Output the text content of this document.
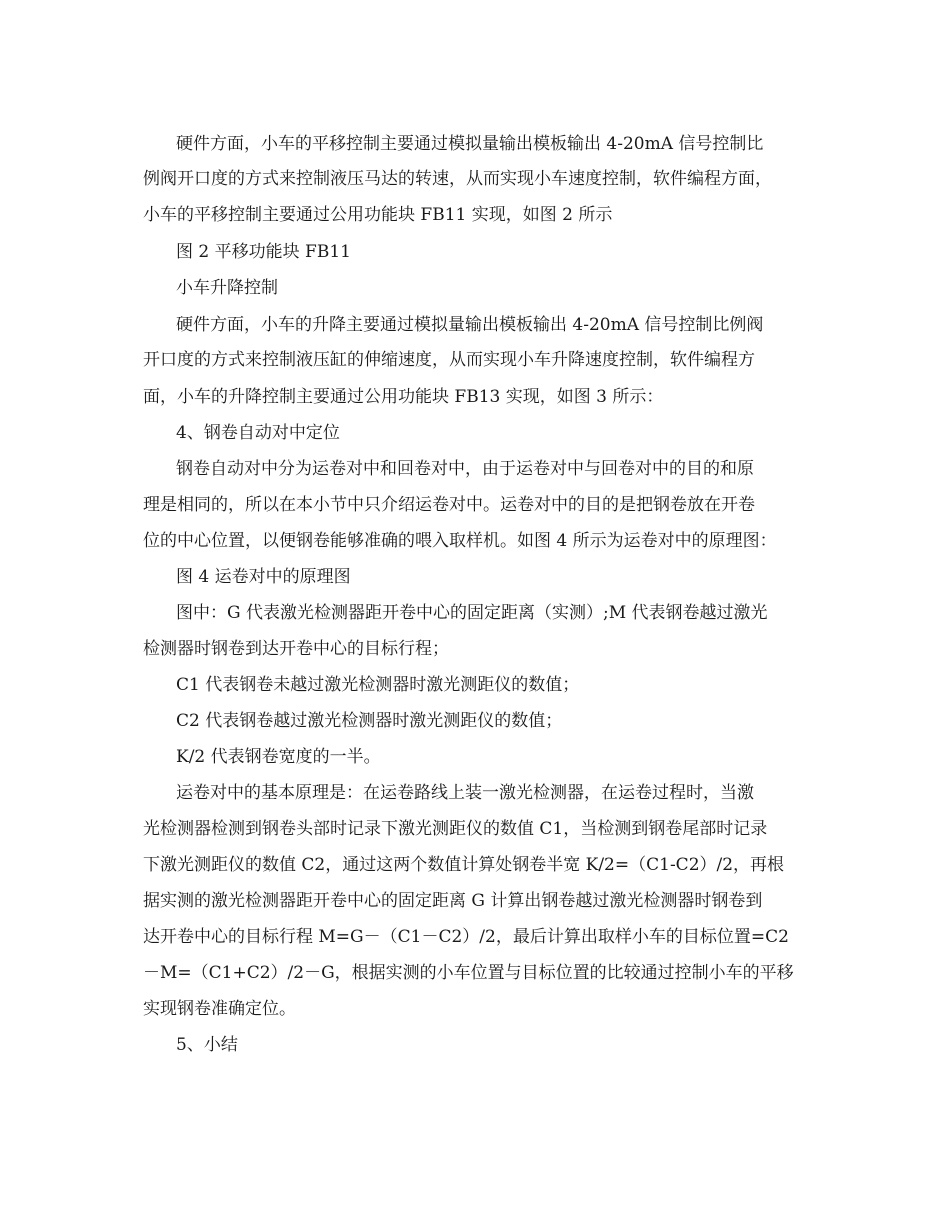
硬件方面，小车的平移控制主要通过模拟量输出模板输出 4-20mA 信号控制比
例阀开口度的方式来控制液压马达的转速，从而实现小车速度控制，软件编程方面，
小车的平移控制主要通过公用功能块 FB11 实现，如图 2 所示
图 2 平移功能块 FB11
小车升降控制
硬件方面，小车的升降主要通过模拟量输出模板输出 4-20mA 信号控制比例阀
开口度的方式来控制液压缸的伸缩速度，从而实现小车升降速度控制，软件编程方
面，小车的升降控制主要通过公用功能块 FB13 实现，如图 3 所示：
4、钢卷自动对中定位
钢卷自动对中分为运卷对中和回卷对中，由于运卷对中与回卷对中的目的和原
理是相同的，所以在本小节中只介绍运卷对中。运卷对中的目的是把钢卷放在开卷
位的中心位置，以便钢卷能够准确的喂入取样机。如图 4 所示为运卷对中的原理图：
图 4 运卷对中的原理图
图中：G 代表激光检测器距开卷中心的固定距离（实测）;M 代表钢卷越过激光
检测器时钢卷到达开卷中心的目标行程；
C1 代表钢卷未越过激光检测器时激光测距仪的数值；
C2 代表钢卷越过激光检测器时激光测距仪的数值；
K/2 代表钢卷宽度的一半。
运卷对中的基本原理是：在运卷路线上装一激光检测器，在运卷过程时，当激
光检测器检测到钢卷头部时记录下激光测距仪的数值 C1，当检测到钢卷尾部时记录
下激光测距仪的数值 C2，通过这两个数值计算处钢卷半宽 K/2=（C1-C2）/2，再根
据实测的激光检测器距开卷中心的固定距离 G 计算出钢卷越过激光检测器时钢卷到
达开卷中心的目标行程 M=G－（C1－C2）/2，最后计算出取样小车的目标位置=C2
－M=（C1+C2）/2－G，根据实测的小车位置与目标位置的比较通过控制小车的平移
实现钢卷准确定位。
5、小结
